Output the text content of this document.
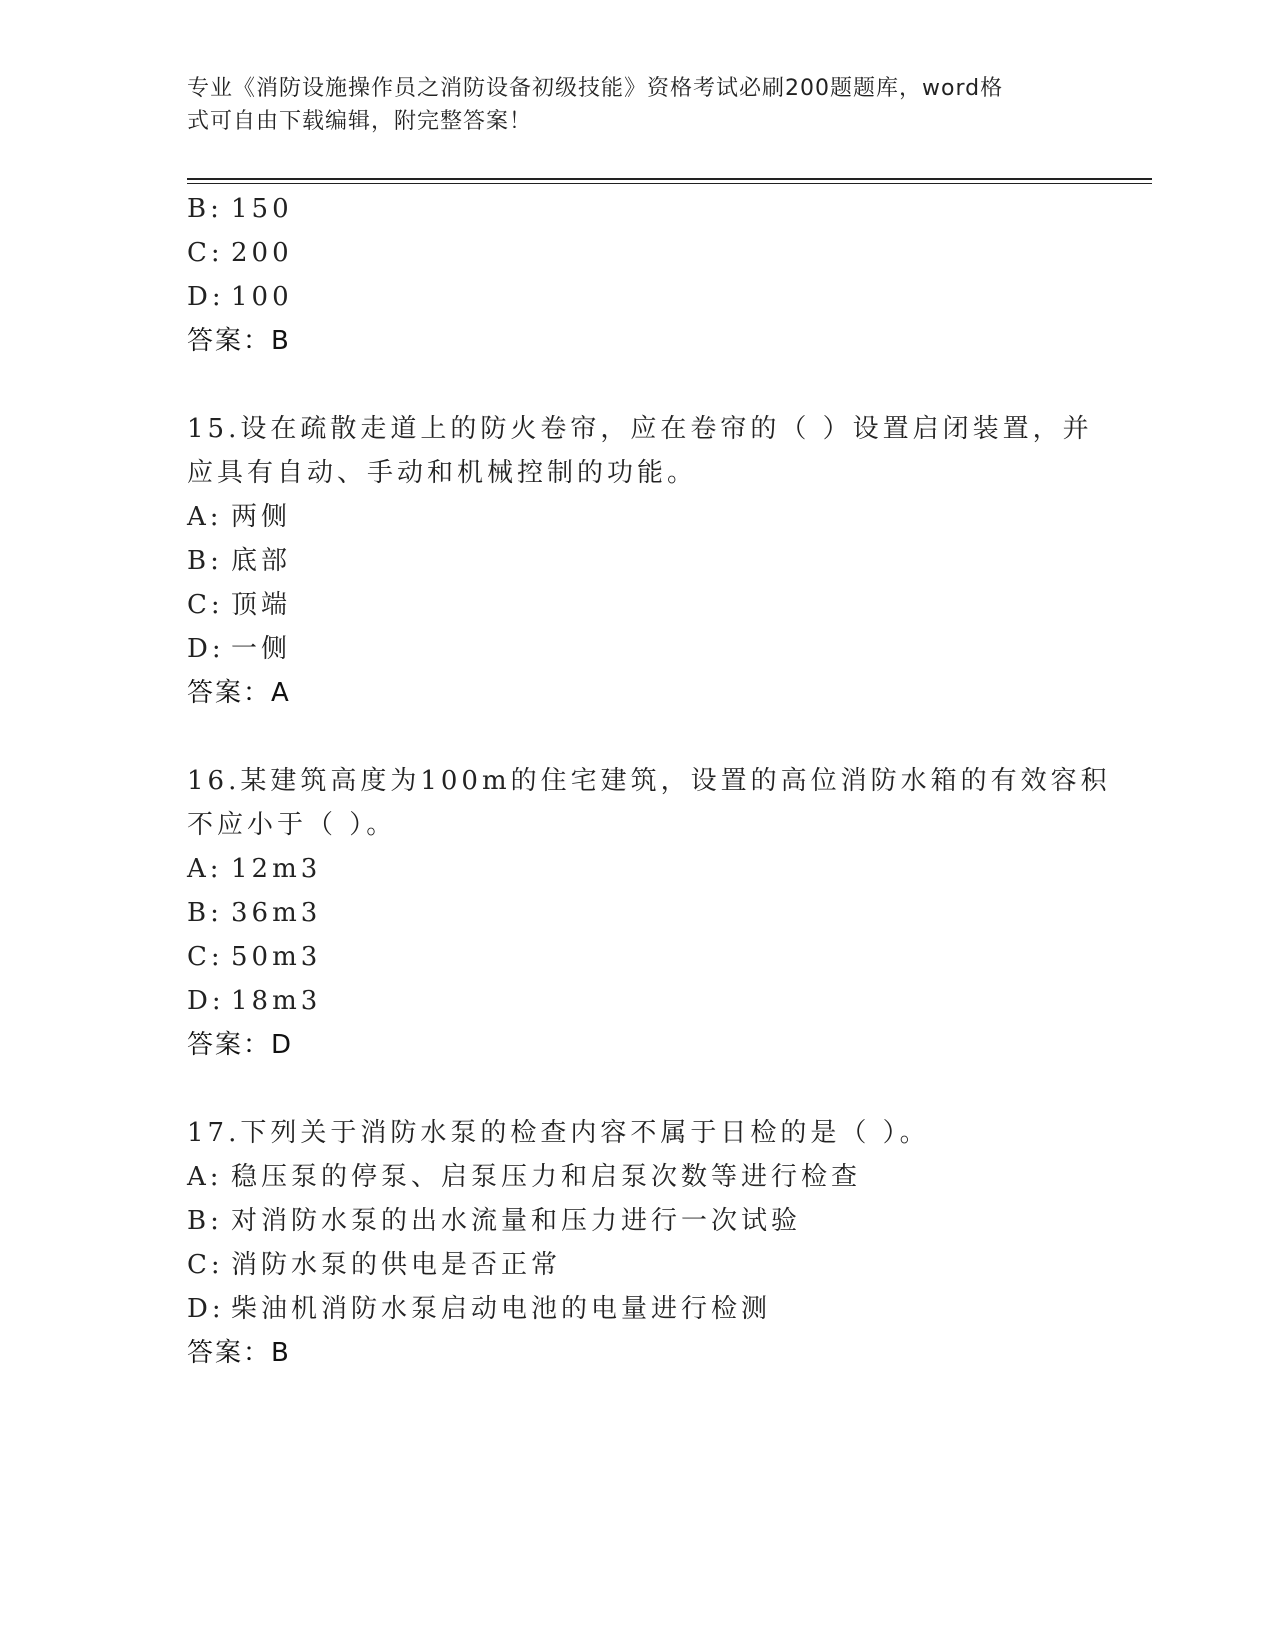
专业《消防设施操作员之消防设备初级技能》资格考试必刷200题题库，word格
式可自由下载编辑，附完整答案！
B: 150
C: 200
D: 100
答案：B
15.设在疏散走道上的防火卷帘，应在卷帘的（ ）设置启闭装置，并
应具有自动、手动和机械控制的功能。
A: 两侧
B: 底部
C: 顶端
D: 一侧
答案：A
16.某建筑高度为100m的住宅建筑，设置的高位消防水箱的有效容积
不应小于（ ）。
A: 12m3
B: 36m3
C: 50m3
D: 18m3
答案：D
17.下列关于消防水泵的检查内容不属于日检的是（ ）。
A: 稳压泵的停泵、启泵压力和启泵次数等进行检查
B: 对消防水泵的出水流量和压力进行一次试验
C: 消防水泵的供电是否正常
D: 柴油机消防水泵启动电池的电量进行检测
答案：B
